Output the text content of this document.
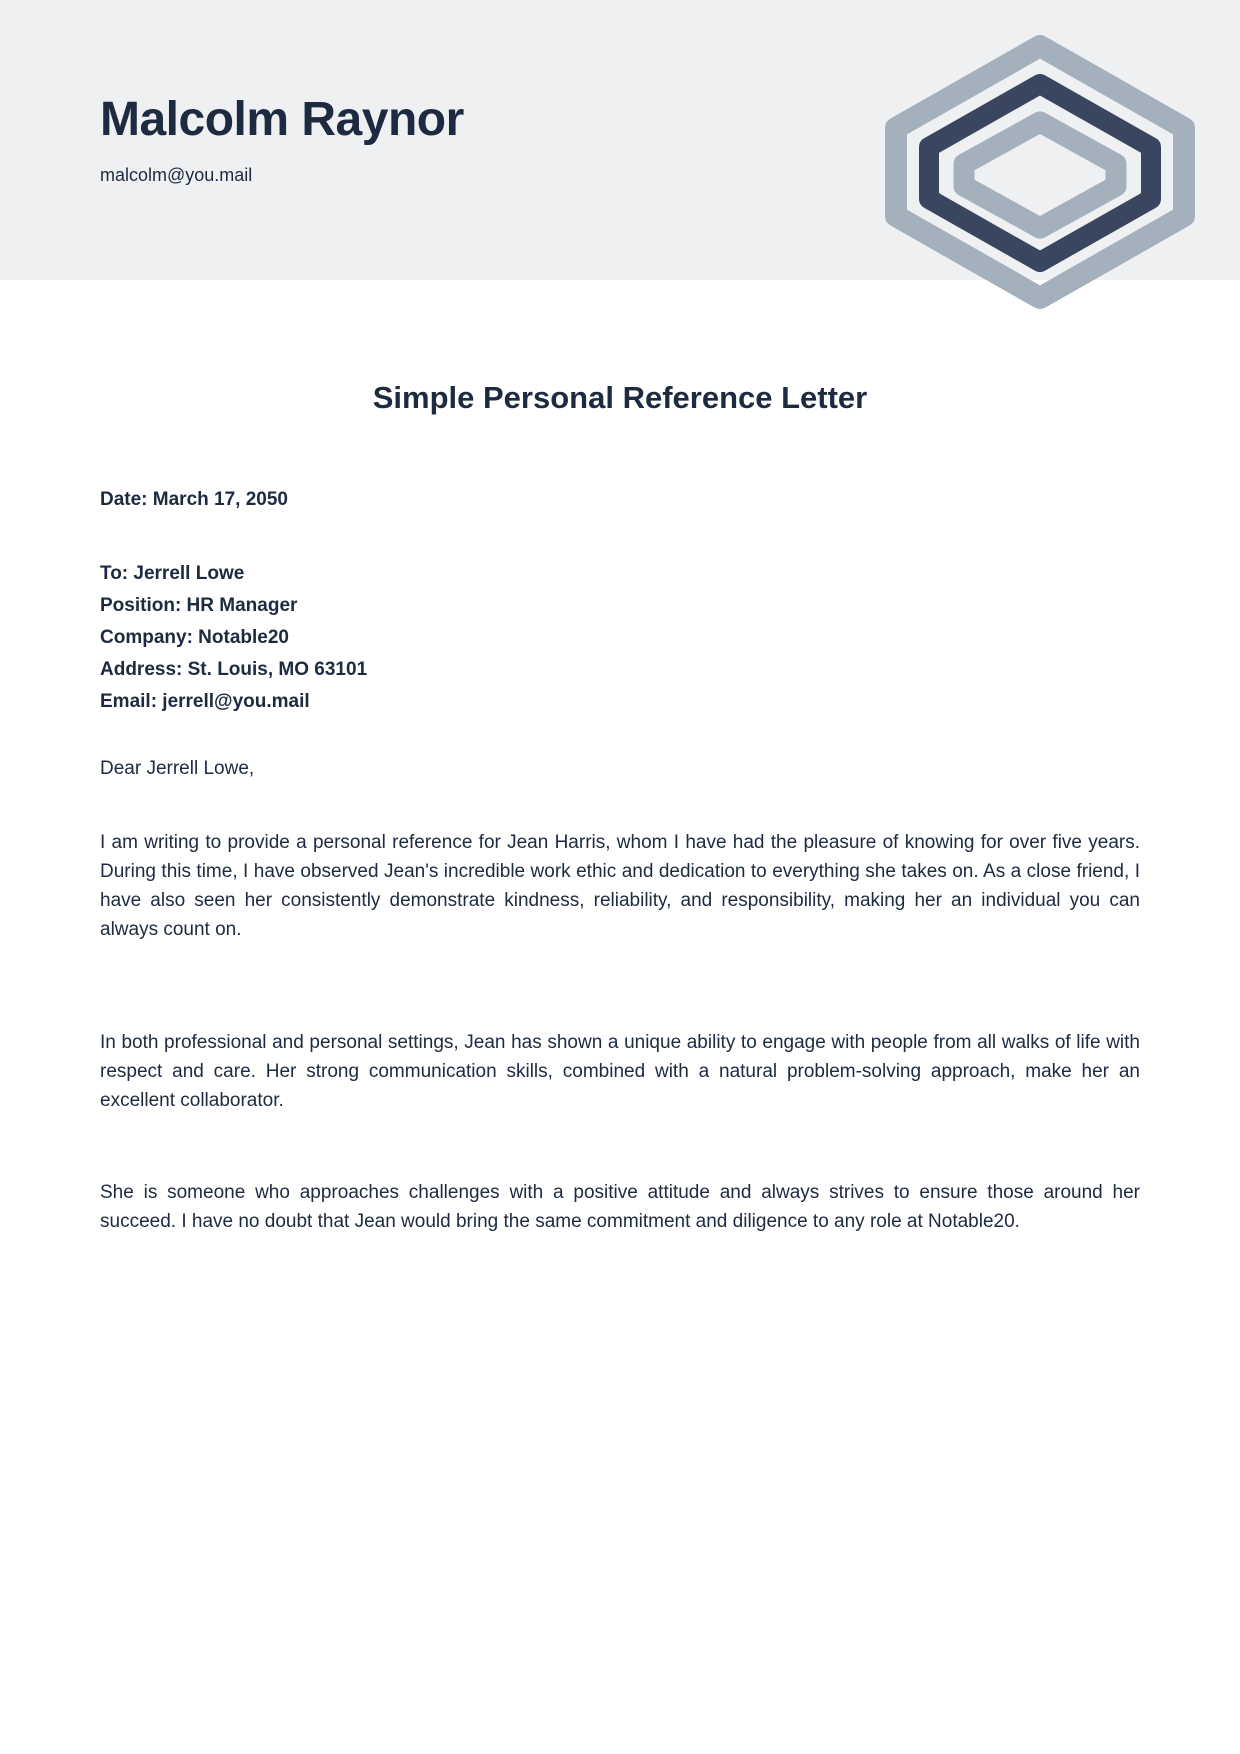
Malcolm Raynor
malcolm@you.mail
Simple Personal Reference Letter
Date: March 17, 2050
To: Jerrell Lowe
Position: HR Manager
Company: Notable20
Address: St. Louis, MO 63101
Email: jerrell@you.mail
Dear Jerrell Lowe,

I am writing to provide a personal reference for Jean Harris, whom I have had the pleasure of knowing for over five years. During this time, I have observed Jean's incredible work ethic and dedication to everything she takes on. As a close friend, I have also seen her consistently demonstrate kindness, reliability, and responsibility, making her an individual you can always count on.

In both professional and personal settings, Jean has shown a unique ability to engage with people from all walks of life with respect and care. Her strong communication skills, combined with a natural problem-solving approach, make her an excellent collaborator.

She is someone who approaches challenges with a positive attitude and always strives to ensure those around her succeed. I have no doubt that Jean would bring the same commitment and diligence to any role at Notable20.
